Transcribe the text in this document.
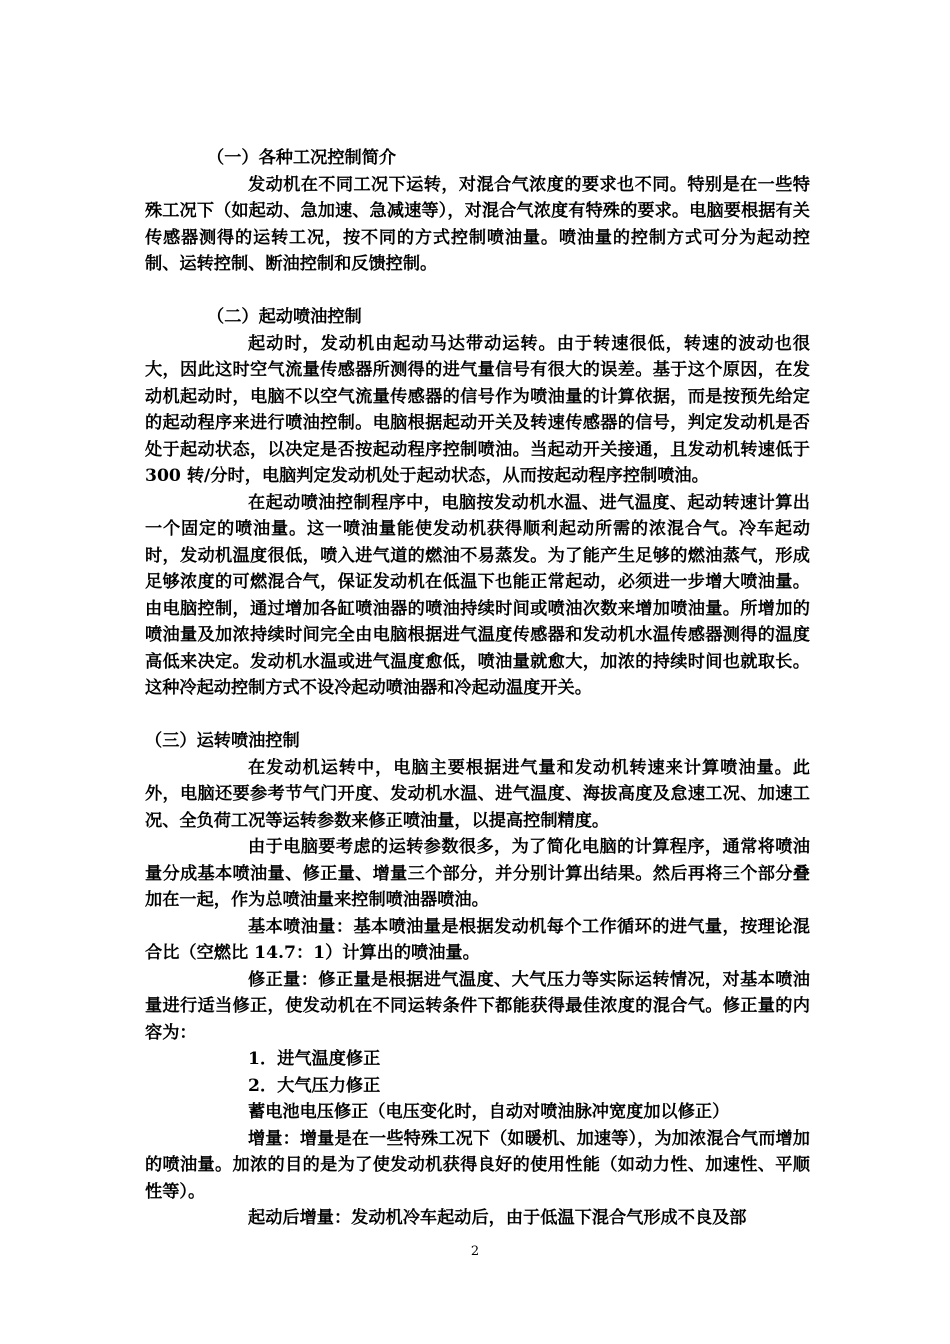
（一）各种工况控制简介

发动机在不同工况下运转，对混合气浓度的要求也不同。特别是在一些特殊工况下（如起动、急加速、急减速等），对混合气浓度有特殊的要求。电脑要根据有关传感器测得的运转工况，按不同的方式控制喷油量。喷油量的控制方式可分为起动控制、运转控制、断油控制和反馈控制。

（二）起动喷油控制

起动时，发动机由起动马达带动运转。由于转速很低，转速的波动也很大，因此这时空气流量传感器所测得的进气量信号有很大的误差。基于这个原因，在发动机起动时，电脑不以空气流量传感器的信号作为喷油量的计算依据，而是按预先给定的起动程序来进行喷油控制。电脑根据起动开关及转速传感器的信号，判定发动机是否处于起动状态，以决定是否按起动程序控制喷油。当起动开关接通，且发动机转速低于 300 转/分时，电脑判定发动机处于起动状态，从而按起动程序控制喷油。

在起动喷油控制程序中，电脑按发动机水温、进气温度、起动转速计算出一个固定的喷油量。这一喷油量能使发动机获得顺利起动所需的浓混合气。冷车起动时，发动机温度很低，喷入进气道的燃油不易蒸发。为了能产生足够的燃油蒸气，形成足够浓度的可燃混合气，保证发动机在低温下也能正常起动，必须进一步增大喷油量。由电脑控制，通过增加各缸喷油器的喷油持续时间或喷油次数来增加喷油量。所增加的喷油量及加浓持续时间完全由电脑根据进气温度传感器和发动机水温传感器测得的温度高低来决定。发动机水温或进气温度愈低，喷油量就愈大，加浓的持续时间也就取长。这种冷起动控制方式不设冷起动喷油器和冷起动温度开关。

（三）运转喷油控制

在发动机运转中，电脑主要根据进气量和发动机转速来计算喷油量。此外，电脑还要参考节气门开度、发动机水温、进气温度、海拔高度及怠速工况、加速工况、全负荷工况等运转参数来修正喷油量，以提高控制精度。

由于电脑要考虑的运转参数很多，为了简化电脑的计算程序，通常将喷油量分成基本喷油量、修正量、增量三个部分，并分别计算出结果。然后再将三个部分叠加在一起，作为总喷油量来控制喷油器喷油。

基本喷油量：基本喷油量是根据发动机每个工作循环的进气量，按理论混合比（空燃比 14.7：1）计算出的喷油量。

修正量：修正量是根据进气温度、大气压力等实际运转情况，对基本喷油量进行适当修正，使发动机在不同运转条件下都能获得最佳浓度的混合气。修正量的内容为：

1．进气温度修正

2．大气压力修正

蓄电池电压修正（电压变化时，自动对喷油脉冲宽度加以修正）

增量：增量是在一些特殊工况下（如暖机、加速等），为加浓混合气而增加的喷油量。加浓的目的是为了使发动机获得良好的使用性能（如动力性、加速性、平顺性等）。

起动后增量：发动机冷车起动后，由于低温下混合气形成不良及部

2
